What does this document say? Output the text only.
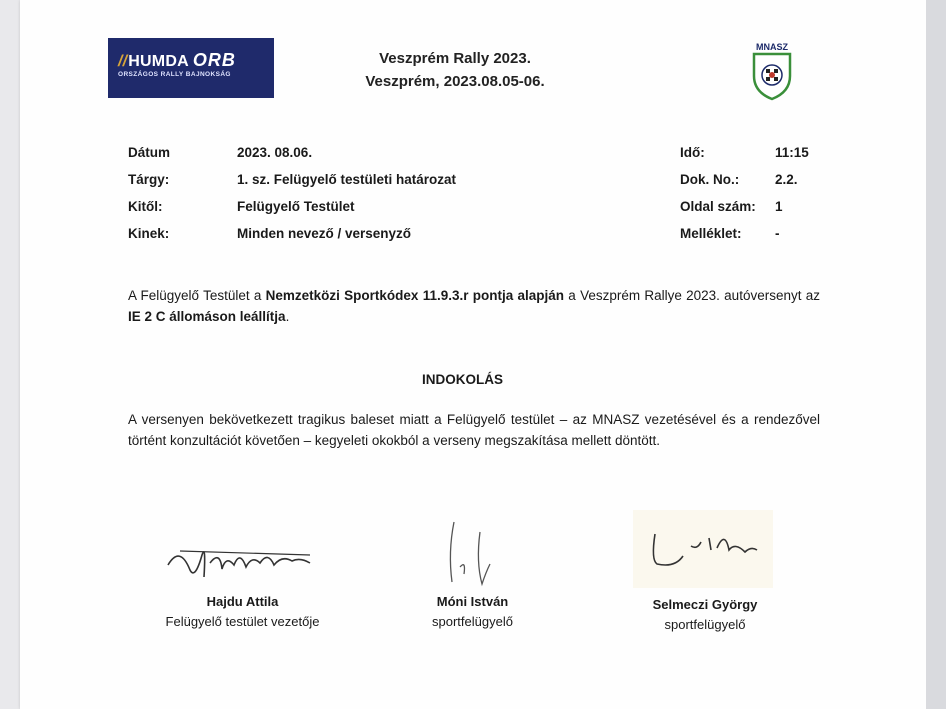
//HUMDA ORB
ORSZÁGOS RALLY BAJNOKSÁG
Veszprém Rally 2023.
Veszprém, 2023.08.05-06.
MNASZ
Dátum	2023. 08.06.
Tárgy:	1. sz. Felügyelő testületi határozat
Kitől:	Felügyelő Testület
Kinek:	Minden nevező / versenyző
Idő:	11:15
Dok. No.:	2.2.
Oldal szám: 1
Melléklet: -
A Felügyelő Testület a Nemzetközi Sportkódex 11.9.3.r pontja alapján a Veszprém Rallye 2023. autóversenyt az IE 2 C állomáson leállítja.
INDOKOLÁS
A versenyen bekövetkezett tragikus baleset miatt a Felügyelő testület – az MNASZ vezetésével és a rendezővel történt konzultációt követően – kegyeleti okokból a verseny megszakítása mellett döntött.
Hajdu Attila
Felügyelő testület vezetője
Móni István
sportfelügyelő
Selmeczi György
sportfelügyelő
